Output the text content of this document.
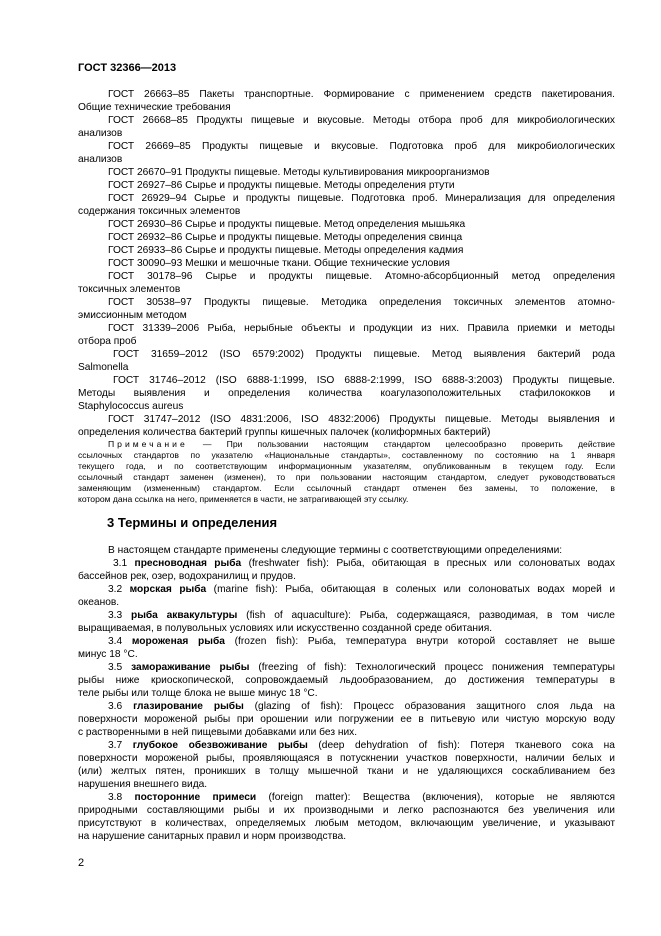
ГОСТ 32366—2013
ГОСТ 26663–85 Пакеты транспортные. Формирование с применением средств пакетирования.
Общие технические требования
ГОСТ 26668–85 Продукты пищевые и вкусовые. Методы отбора проб для микробиологических
анализов
ГОСТ 26669–85 Продукты пищевые и вкусовые. Подготовка проб для микробиологических
анализов
ГОСТ 26670–91 Продукты пищевые. Методы культивирования микроорганизмов
ГОСТ 26927–86 Сырье и продукты пищевые. Методы определения ртути
ГОСТ 26929–94 Сырье и продукты пищевые. Подготовка проб. Минерализация для определения
содержания токсичных элементов
ГОСТ 26930–86 Сырье и продукты пищевые. Метод определения мышьяка
ГОСТ 26932–86 Сырье и продукты пищевые. Методы определения свинца
ГОСТ 26933–86 Сырье и продукты пищевые. Методы определения кадмия
ГОСТ 30090–93 Мешки и мешочные ткани. Общие технические условия
ГОСТ 30178–96 Сырье и продукты пищевые. Атомно-абсорбционный метод определения
токсичных элементов
ГОСТ 30538–97 Продукты пищевые. Методика определения токсичных элементов атомно-
эмиссионным методом
ГОСТ 31339–2006 Рыба, нерыбные объекты и продукции из них. Правила приемки и методы
отбора проб
ГОСТ 31659–2012 (ISO 6579:2002) Продукты пищевые. Метод выявления бактерий рода
Salmonella
ГОСТ 31746–2012 (ISO 6888-1:1999, ISO 6888-2:1999, ISO 6888-3:2003) Продукты пищевые.
Методы выявления и определения количества коагулазоположительных стафилококков и
Staphylococcus aureus
ГОСТ 31747–2012 (ISO 4831:2006, ISO 4832:2006) Продукты пищевые. Методы выявления и
определения количества бактерий группы кишечных палочек (колиформных бактерий)
Примечание — При пользовании настоящим стандартом целесообразно проверить действие
ссылочных стандартов по указателю «Национальные стандарты», составленному по состоянию на 1 января
текущего года, и по соответствующим информационным указателям, опубликованным в текущем году. Если
ссылочный стандарт заменен (изменен), то при пользовании настоящим стандартом, следует руководствоваться
заменяющим (измененным) стандартом. Если ссылочный стандарт отменен без замены, то положение, в
котором дана ссылка на него, применяется в части, не затрагивающей эту ссылку.
3 Термины и определения
В настоящем стандарте применены следующие термины с соответствующими определениями:
3.1 пресноводная рыба (freshwater fish): Рыба, обитающая в пресных или солоноватых водах
бассейнов рек, озер, водохранилищ и прудов.
3.2 морская рыба (marine fish): Рыба, обитающая в соленых или солоноватых водах морей и
океанов.
3.3 рыба аквакультуры (fish of aquaculture): Рыба, содержащаяся, разводимая, в том числе
выращиваемая, в полувольных условиях или искусственно созданной среде обитания.
3.4 мороженая рыба (frozen fish): Рыба, температура внутри которой составляет не выше
минус 18 °С.
3.5 замораживание рыбы (freezing of fish): Технологический процесс понижения температуры
рыбы ниже криоскопической, сопровождаемый льдообразованием, до достижения температуры в
теле рыбы или толще блока не выше минус 18 °С.
3.6 глазирование рыбы (glazing of fish): Процесс образования защитного слоя льда на
поверхности мороженой рыбы при орошении или погружении ее в питьевую или чистую морскую воду
с растворенными в ней пищевыми добавками или без них.
3.7 глубокое обезвоживание рыбы (deep dehydration of fish): Потеря тканевого сока на
поверхности мороженой рыбы, проявляющаяся в потускнении участков поверхности, наличии белых и
(или) желтых пятен, проникших в толщу мышечной ткани и не удаляющихся соскабливанием без
нарушения внешнего вида.
3.8 посторонние примеси (foreign matter): Вещества (включения), которые не являются
природными составляющими рыбы и их производными и легко распознаются без увеличения или
присутствуют в количествах, определяемых любым методом, включающим увеличение, и указывают
на нарушение санитарных правил и норм производства.
2
